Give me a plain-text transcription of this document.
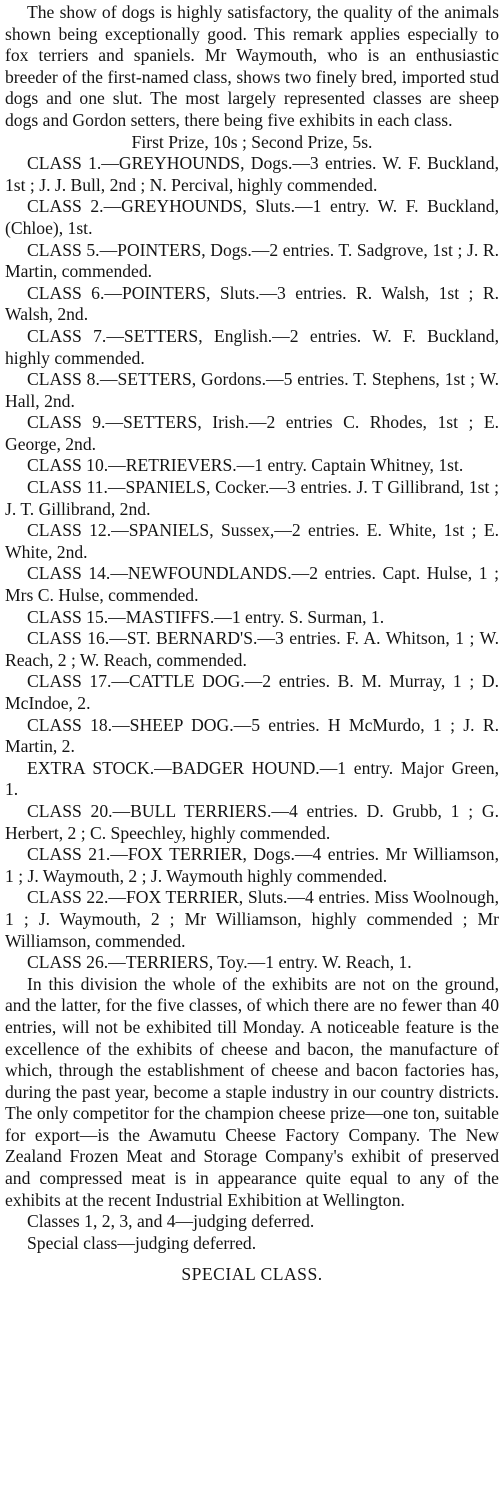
The show of dogs is highly satisfactory, the quality of the animals shown being exceptionally good. This remark applies especially to fox terriers and spaniels. Mr Waymouth, who is an enthusiastic breeder of the first-named class, shows two finely bred, imported stud dogs and one slut. The most largely represented classes are sheep dogs and Gordon setters, there being five exhibits in each class.

First Prize, 10s ; Second Prize, 5s.

CLASS 1.—GREYHOUNDS, Dogs.—3 entries. W. F. Buckland, 1st ; J. J. Bull, 2nd ; N. Percival, highly commended.

CLASS 2.—GREYHOUNDS, Sluts.—1 entry. W. F. Buckland, (Chloe), 1st.

CLASS 5.—POINTERS, Dogs.—2 entries. T. Sadgrove, 1st ; J. R. Martin, commended.

CLASS 6.—POINTERS, Sluts.—3 entries. R. Walsh, 1st ; R. Walsh, 2nd.

CLASS 7.—SETTERS, English.—2 entries. W. F. Buckland, highly commended.

CLASS 8.—SETTERS, Gordons.—5 entries. T. Stephens, 1st ; W. Hall, 2nd.

CLASS 9.—SETTERS, Irish.—2 entries C. Rhodes, 1st ; E. George, 2nd.

CLASS 10.—RETRIEVERS.—1 entry. Captain Whitney, 1st.

CLASS 11.—SPANIELS, Cocker.—3 entries. J. T Gillibrand, 1st ; J. T. Gillibrand, 2nd.

CLASS 12.—SPANIELS, Sussex,—2 entries. E. White, 1st ; E. White, 2nd.

CLASS 14.—NEWFOUNDLANDS.—2 entries. Capt. Hulse, 1 ; Mrs C. Hulse, commended.

CLASS 15.—MASTIFFS.—1 entry. S. Surman, 1.

CLASS 16.—ST. BERNARD'S.—3 entries. F. A. Whitson, 1 ; W. Reach, 2 ; W. Reach, commended.

CLASS 17.—CATTLE DOG.—2 entries. B. M. Murray, 1 ; D. McIndoe, 2.

CLASS 18.—SHEEP DOG.—5 entries. H McMurdo, 1 ; J. R. Martin, 2.

EXTRA STOCK.—BADGER HOUND.—1 entry. Major Green, 1.

CLASS 20.—BULL TERRIERS.—4 entries. D. Grubb, 1 ; G. Herbert, 2 ; C. Speechley, highly commended.

CLASS 21.—FOX TERRIER, Dogs.—4 entries. Mr Williamson, 1 ; J. Waymouth, 2 ; J. Waymouth highly commended.

CLASS 22.—FOX TERRIER, Sluts.—4 entries. Miss Woolnough, 1 ; J. Waymouth, 2 ; Mr Williamson, highly commended ; Mr Williamson, commended.

CLASS 26.—TERRIERS, Toy.—1 entry. W. Reach, 1.

In this division the whole of the exhibits are not on the ground, and the latter, for the five classes, of which there are no fewer than 40 entries, will not be exhibited till Monday. A noticeable feature is the excellence of the exhibits of cheese and bacon, the manufacture of which, through the establishment of cheese and bacon factories has, during the past year, become a staple industry in our country districts. The only competitor for the champion cheese prize—one ton, suitable for export—is the Awamutu Cheese Factory Company. The New Zealand Frozen Meat and Storage Company's exhibit of preserved and compressed meat is in appearance quite equal to any of the exhibits at the recent Industrial Exhibition at Wellington.

Classes 1, 2, 3, and 4—judging deferred.

Special class—judging deferred.

SPECIAL CLASS.
